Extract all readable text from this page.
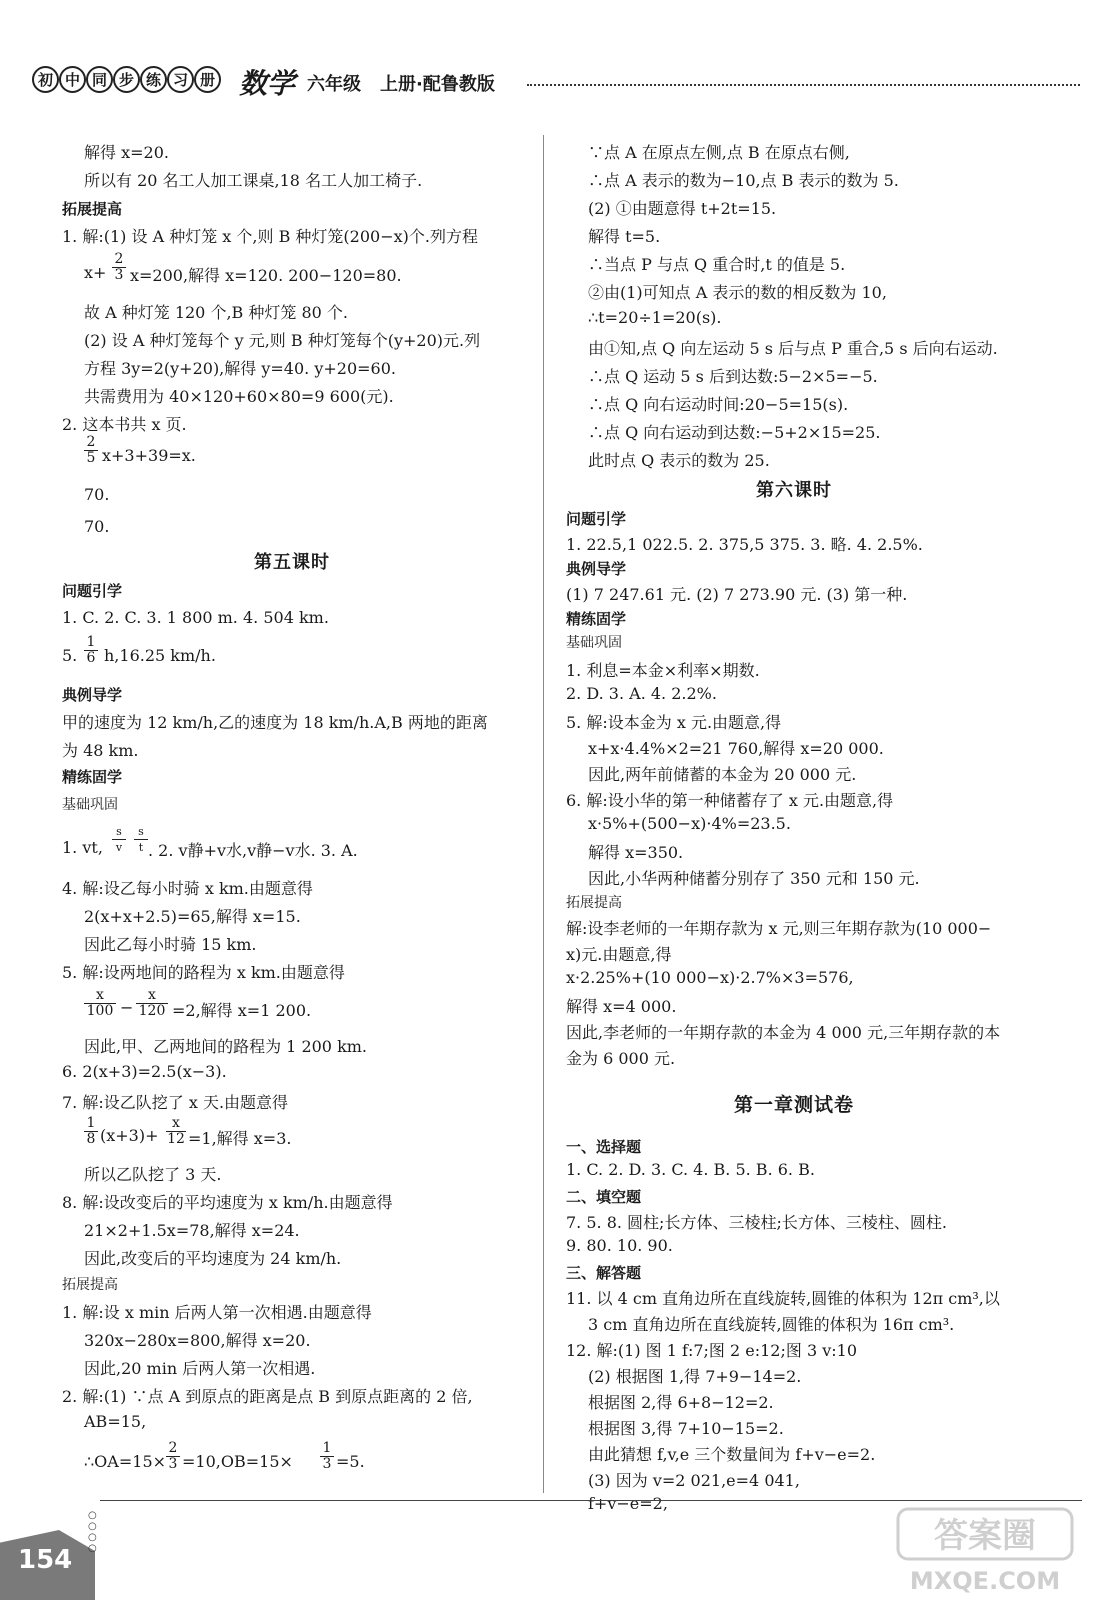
初 中 同 步 练 习 册 数学 六年级 上册·配鲁教版
解得 x=20.
所以有 20 名工人加工课桌,18 名工人加工椅子.
拓展提高
1. 解:(1) 设 A 种灯笼 x 个,则 B 种灯笼(200−x)个.列方程
$x+ \frac{2}{3} x=200$,解得 x=120. 200−120=80.
故 A 种灯笼 120 个,B 种灯笼 80 个.
(2) 设 A 种灯笼每个 y 元,则 B 种灯笼每个(y+20)元.列
方程 3y=2(y+20),解得 y=40. y+20=60.
共需费用为 40×120+60×80=9 600(元).
2. 这本书共 x 页.
$\frac{2}{5} x+3+39=x$.
70.
70.
第五课时
问题引学
1. C. 2. C. 3. 1 800 m. 4. 504 km.
5. $\frac{1}{6} h,16.25$ km/h.
典例导学
甲的速度为 12 km/h,乙的速度为 18 km/h.A,B 两地的距离
为 48 km.
精练固学
基础巩固
1. vt, $\frac{s}{v} \frac{s}{t}$ . 2. v静+v水,v静−v水. 3. A.
4. 解:设乙每小时骑 x km.由题意得
2(x+x+2.5)=65,解得 x=15.
因此乙每小时骑 15 km.
5. 解:设两地间的路程为 x km.由题意得
$\frac{x}{100} - \frac{x}{120} =2$,解得 x=1 200.
因此,甲、乙两地间的路程为 1 200 km.
6. 2(x+3)=2.5(x−3).
7. 解:设乙队挖了 x 天.由题意得
$\frac{1}{8} (x+3)+ \frac{x}{12} =1$,解得 x=3.
所以乙队挖了 3 天.
8. 解:设改变后的平均速度为 x km/h.由题意得
21×2+1.5x=78,解得 x=24.
因此,改变后的平均速度为 24 km/h.
拓展提高
1. 解:设 x min 后两人第一次相遇.由题意得
320x−280x=800,解得 x=20.
因此,20 min 后两人第一次相遇.
2. 解:(1) ∵点 A 到原点的距离是点 B 到原点距离的 2 倍,
AB=15,
∴OA=15× $\frac{2}{3} =10,OB=15\times \frac{1}{3} =5$.
∵点 A 在原点左侧,点 B 在原点右侧,
∴点 A 表示的数为−10,点 B 表示的数为 5.
(2) ①由题意得 t+2t=15.
解得 t=5.
∴当点 P 与点 Q 重合时,t 的值是 5.
②由(1)可知点 A 表示的数的相反数为 10,
∴t=20÷1=20(s).
由①知,点 Q 向左运动 5 s 后与点 P 重合,5 s 后向右运动.
∴点 Q 运动 5 s 后到达数:5−2×5=−5.
∴点 Q 向右运动时间:20−5=15(s).
∴点 Q 向右运动到达数:−5+2×15=25.
此时点 Q 表示的数为 25.
第六课时
问题引学
1. 22.5,1 022.5. 2. 375,5 375. 3. 略. 4. 2.5%.
典例导学
(1) 7 247.61 元. (2) 7 273.90 元. (3) 第一种.
精练固学
基础巩固
1. 利息=本金×利率×期数.
2. D. 3. A. 4. 2.2%.
5. 解:设本金为 x 元.由题意,得
x+x·4.4%×2=21 760,解得 x=20 000.
因此,两年前储蓄的本金为 20 000 元.
6. 解:设小华的第一种储蓄存了 x 元.由题意,得
x·5%+(500−x)·4%=23.5.
解得 x=350.
因此,小华两种储蓄分别存了 350 元和 150 元.
拓展提高
解:设李老师的一年期存款为 x 元,则三年期存款为(10 000−
x)元.由题意,得
x·2.25%+(10 000−x)·2.7%×3=576,
解得 x=4 000.
因此,李老师的一年期存款的本金为 4 000 元,三年期存款的本
金为 6 000 元.
第一章测试卷
一、选择题
1. C. 2. D. 3. C. 4. B. 5. B. 6. B.
二、填空题
7. 5. 8. 圆柱;长方体、三棱柱;长方体、三棱柱、圆柱.
9. 80. 10. 90.
三、解答题
11. 以 4 cm 直角边所在直线旋转,圆锥的体积为 12π cm³,以
3 cm 直角边所在直线旋转,圆锥的体积为 16π cm³.
12. 解:(1) 图 1 f:7;图 2 e:12;图 3 v:10
(2) 根据图 1,得 7+9−14=2.
根据图 2,得 6+8−12=2.
根据图 3,得 7+10−15=2.
由此猜想 f,v,e 三个数量间为 f+v−e=2.
(3) 因为 v=2 021,e=4 041,
f+v−e=2,
154
○
○
○
○	答案圈
MXQE.COM
